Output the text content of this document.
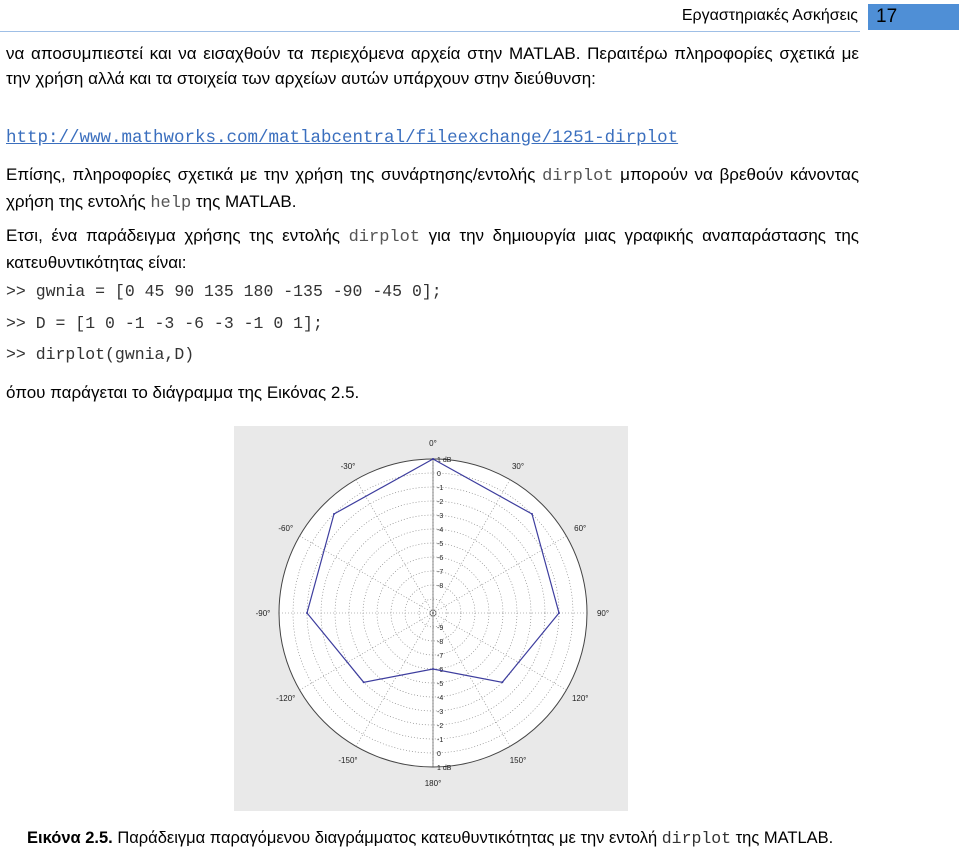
Εργαστηριακές Ασκήσεις 17
να αποσυμπιεστεί και να εισαχθούν τα περιεχόμενα αρχεία στην MATLAB. Περαιτέρω πληροφορίες σχετικά με την χρήση αλλά και τα στοιχεία των αρχείων αυτών υπάρχουν στην διεύθυνση:
http://www.mathworks.com/matlabcentral/fileexchange/1251-dirplot
Επίσης, πληροφορίες σχετικά με την χρήση της συνάρτησης/εντολής dirplot μπορούν να βρεθούν κάνοντας χρήση της εντολής help της MATLAB.
Ετσι, ένα παράδειγμα χρήσης της εντολής dirplot για την δημιουργία μιας γραφικής αναπαράστασης της κατευθυντικότητας είναι:
>> gwnia = [0 45 90 135 180 -135 -90 -45 0];
>> D = [1 0 -1 -3 -6 -3 -1 0 1];
>> dirplot(gwnia,D)
όπου παράγεται το διάγραμμα της Εικόνας 2.5.
1 dB
0
-1
-2
-3
-4
-5
-6
-7
-8
-9
-8
-7
-6
-5
-4
-3
-2
-1
0
1 dB
0°
30°
60°
90°
120°
150°
180°
-150°
-120°
-90°
-60°
-30°
Εικόνα 2.5. Παράδειγμα παραγόμενου διαγράμματος κατευθυντικότητας με την εντολή dirplot της MATLAB.
